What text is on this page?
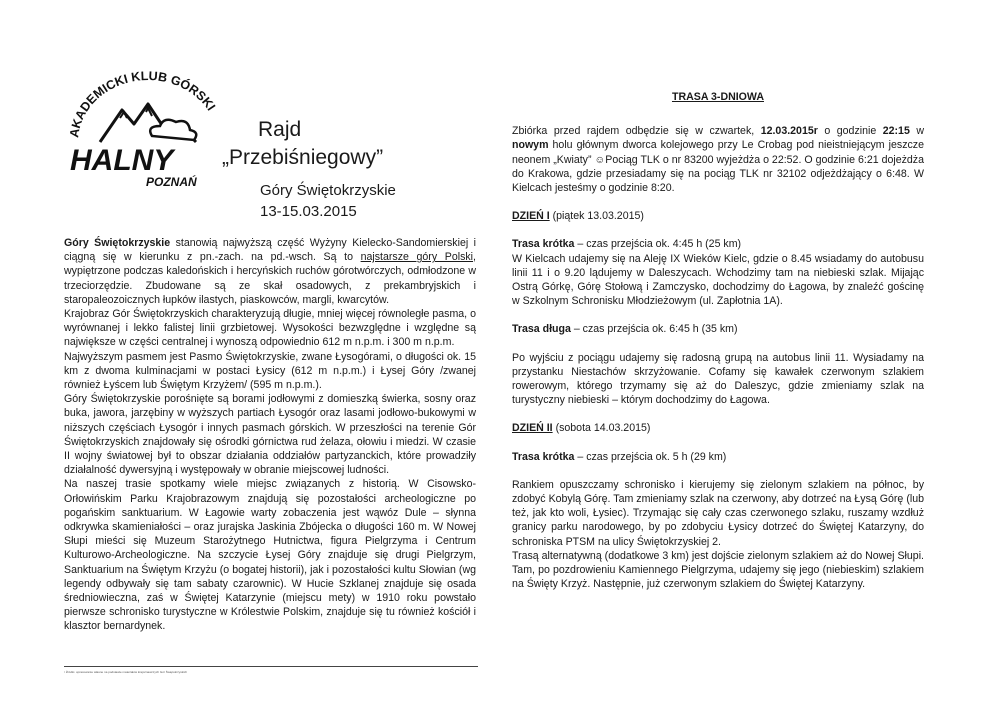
AKADEMICKI KLUB GÓRSKI
HALNY
POZNAŃ
Rajd
„Przebiśniegowy”
Góry Świętokrzyskie
13-15.03.2015

Góry Świętokrzyskie stanowią najwyższą część Wyżyny Kielecko-Sandomierskiej i ciągną się w kierunku z pn.-zach. na pd.-wsch. Są to najstarsze góry Polski, wypiętrzone podczas kaledońskich i hercyńskich ruchów górotwórczych, odmłodzone w trzeciorzędzie. Zbudowane są ze skał osadowych, z prekambryjskich i staropaleozoicznych łupków ilastych, piaskowców, margli, kwarcytów.

Krajobraz Gór Świętokrzyskich charakteryzują długie, mniej więcej równoległe pasma, o wyrównanej i lekko falistej linii grzbietowej. Wysokości bezwzględne i względne są największe w części centralnej i wynoszą odpowiednio 612 m n.p.m. i 300 m n.p.m.

Najwyższym pasmem jest Pasmo Świętokrzyskie, zwane Łysogórami, o długości ok. 15 km z dwoma kulminacjami w postaci Łysicy (612 m n.p.m.) i Łysej Góry /zwanej również Łyścem lub Świętym Krzyżem/ (595 m n.p.m.).

Góry Świętokrzyskie porośnięte są borami jodłowymi z domieszką świerka, sosny oraz buka, jawora, jarzębiny w wyższych partiach Łysogór oraz lasami jodłowo-bukowymi w niższych częściach Łysogór i innych pasmach górskich. W przeszłości na terenie Gór Świętokrzyskich znajdowały się ośrodki górnictwa rud żelaza, ołowiu i miedzi. W czasie II wojny światowej był to obszar działania oddziałów partyzanckich, które prowadziły działalność dywersyjną i występowały w obranie miejscowej ludności.

Na naszej trasie spotkamy wiele miejsc związanych z historią. W Cisowsko-Orłowińskim Parku Krajobrazowym znajdują się pozostałości archeologiczne po pogańskim sanktuarium. W Łagowie warty zobaczenia jest wąwóz Dule – słynna odkrywka skamieniałości – oraz jurajska Jaskinia Zbójecka o długości 160 m. W Nowej Słupi mieści się Muzeum Starożytnego Hutnictwa, figura Pielgrzyma i Centrum Kulturowo-Archeologiczne. Na szczycie Łysej Góry znajduje się drugi Pielgrzym, Sanktuarium na Świętym Krzyżu (o bogatej historii), jak i pozostałości kultu Słowian (wg legendy odbywały się tam sabaty czarownic). W Hucie Szklanej znajduje się osada średniowieczna, zaś w Świętej Katarzynie (miejscu mety) w 1910 roku powstało pierwsze schronisko turystyczne w Królestwie Polskim, znajduje się tu również kościół i klasztor bernardynek.

¹ Źródło: opracowanie własne na podstawie materiałów krajoznawczych Gór Świętokrzyskich

TRASA 3-DNIOWA

Zbiórka przed rajdem odbędzie się w czwartek, 12.03.2015r o godzinie 22:15 w nowym holu głównym dworca kolejowego przy Le Crobag pod nieistniejącym jeszcze neonem „Kwiaty” ☺Pociąg TLK o nr 83200 wyjeżdża o 22:52. O godzinie 6:21 dojeżdża do Krakowa, gdzie przesiadamy się na pociąg TLK nr 32102 odjeżdżający o 6:48. W Kielcach jesteśmy o godzinie 8:20.

DZIEŃ I (piątek 13.03.2015)

Trasa krótka – czas przejścia ok. 4:45 h (25 km)

W Kielcach udajemy się na Aleję IX Wieków Kielc, gdzie o 8.45 wsiadamy do autobusu linii 11 i o 9.20 lądujemy w Daleszycach. Wchodzimy tam na niebieski szlak. Mijając Ostrą Górkę, Górę Stołową i Zamczysko, dochodzimy do Łagowa, by znaleźć gościnę w Szkolnym Schronisku Młodzieżowym (ul. Zapłotnia 1A).

Trasa długa – czas przejścia ok. 6:45 h (35 km)

Po wyjściu z pociągu udajemy się radosną grupą na autobus linii 11. Wysiadamy na przystanku Niestachów skrzyżowanie. Cofamy się kawałek czerwonym szlakiem rowerowym, którego trzymamy się aż do Daleszyc, gdzie zmieniamy szlak na turystyczny niebieski – którym dochodzimy do Łagowa.

DZIEŃ II (sobota 14.03.2015)

Trasa krótka – czas przejścia ok. 5 h (29 km)

Rankiem opuszczamy schronisko i kierujemy się zielonym szlakiem na północ, by zdobyć Kobylą Górę. Tam zmieniamy szlak na czerwony, aby dotrzeć na Łysą Górę (lub też, jak kto woli, Łysiec). Trzymając się cały czas czerwonego szlaku, ruszamy wzdłuż granicy parku narodowego, by po zdobyciu Łysicy dotrzeć do Świętej Katarzyny, do schroniska PTSM na ulicy Świętokrzyskiej 2.

Trasą alternatywną (dodatkowe 3 km) jest dojście zielonym szlakiem aż do Nowej Słupi. Tam, po pozdrowieniu Kamiennego Pielgrzyma, udajemy się jego (niebieskim) szlakiem na Święty Krzyż. Następnie, już czerwonym szlakiem do Świętej Katarzyny.
